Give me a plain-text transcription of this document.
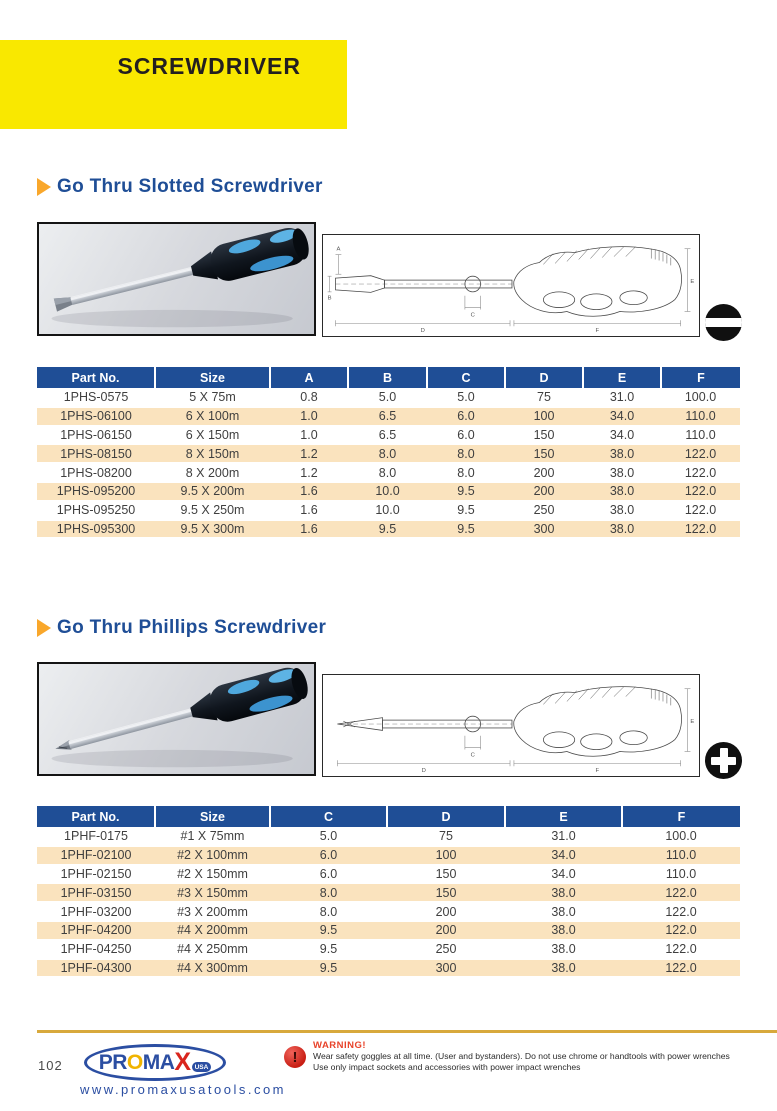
SCREWDRIVER
Go Thru Slotted Screwdriver
A
B
C
D
E
F
Part No.	Size	A	B	C	D	E	F
1PHS-0575	5 X 75m	0.8	5.0	5.0	75	31.0	100.0
1PHS-06100	6 X 100m	1.0	6.5	6.0	100	34.0	110.0
1PHS-06150	6 X 150m	1.0	6.5	6.0	150	34.0	110.0
1PHS-08150	8 X 150m	1.2	8.0	8.0	150	38.0	122.0
1PHS-08200	8 X 200m	1.2	8.0	8.0	200	38.0	122.0
1PHS-095200	9.5 X 200m	1.6	10.0	9.5	200	38.0	122.0
1PHS-095250	9.5 X 250m	1.6	10.0	9.5	250	38.0	122.0
1PHS-095300	9.5 X 300m	1.6	9.5	9.5	300	38.0	122.0
Go Thru Phillips Screwdriver
C
D
E
F
Part No.	Size	C	D	E	F
1PHF-0175	#1 X 75mm	5.0	75	31.0	100.0
1PHF-02100	#2 X 100mm	6.0	100	34.0	110.0
1PHF-02150	#2 X 150mm	6.0	150	34.0	110.0
1PHF-03150	#3 X 150mm	8.0	150	38.0	122.0
1PHF-03200	#3 X 200mm	8.0	200	38.0	122.0
1PHF-04200	#4 X 200mm	9.5	200	38.0	122.0
1PHF-04250	#4 X 250mm	9.5	250	38.0	122.0
1PHF-04300	#4 X 300mm	9.5	300	38.0	122.0
102 PR O MA X USA
www.promaxusatools.com
!
WARNING!
Wear safety goggles at all time. (User and bystanders). Do not use chrome or handtools with power wrenches
Use only impact sockets and accessories with power impact wrenches
